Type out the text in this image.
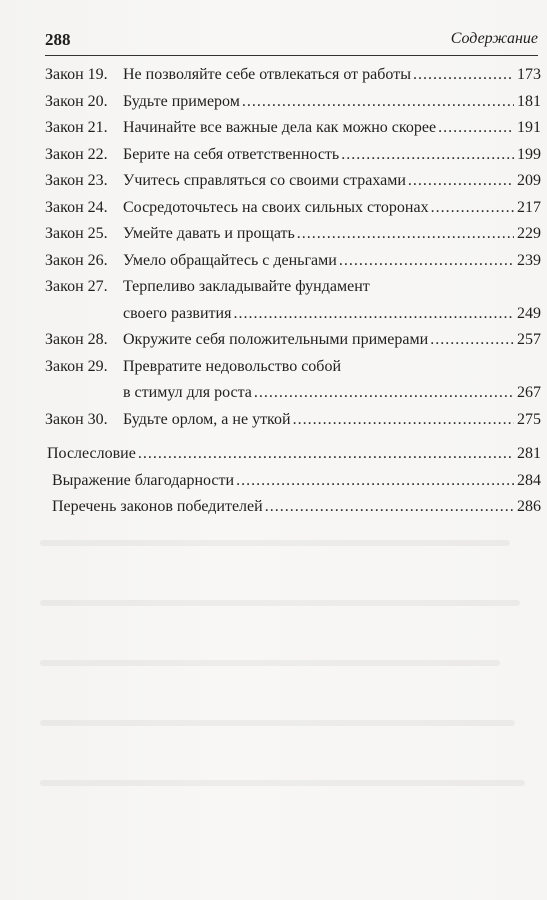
288	Содержание
Закон 19. Не позволяйте себе отвлекаться от работы .....	173
Закон 20. Будьте примером .....	181
Закон 21. Начинайте все важные дела как можно скорее .....	191
Закон 22. Берите на себя ответственность .....	199
Закон 23. Учитесь справляться со своими страхами .....	209
Закон 24. Сосредоточьтесь на своих сильных сторонах .....	217
Закон 25. Умейте давать и прощать .....	229
Закон 26. Умело обращайтесь с деньгами .....	239
Закон 27. Терпеливо закладывайте фундамент
своего развития .....	249
Закон 28. Окружите себя положительными примерами .....	257
Закон 29. Превратите недовольство собой
в стимул для роста .....	267
Закон 30. Будьте орлом, а не уткой .....	275
Послесловие .....	281
Выражение благодарности .....	284
Перечень законов победителей .....	286
